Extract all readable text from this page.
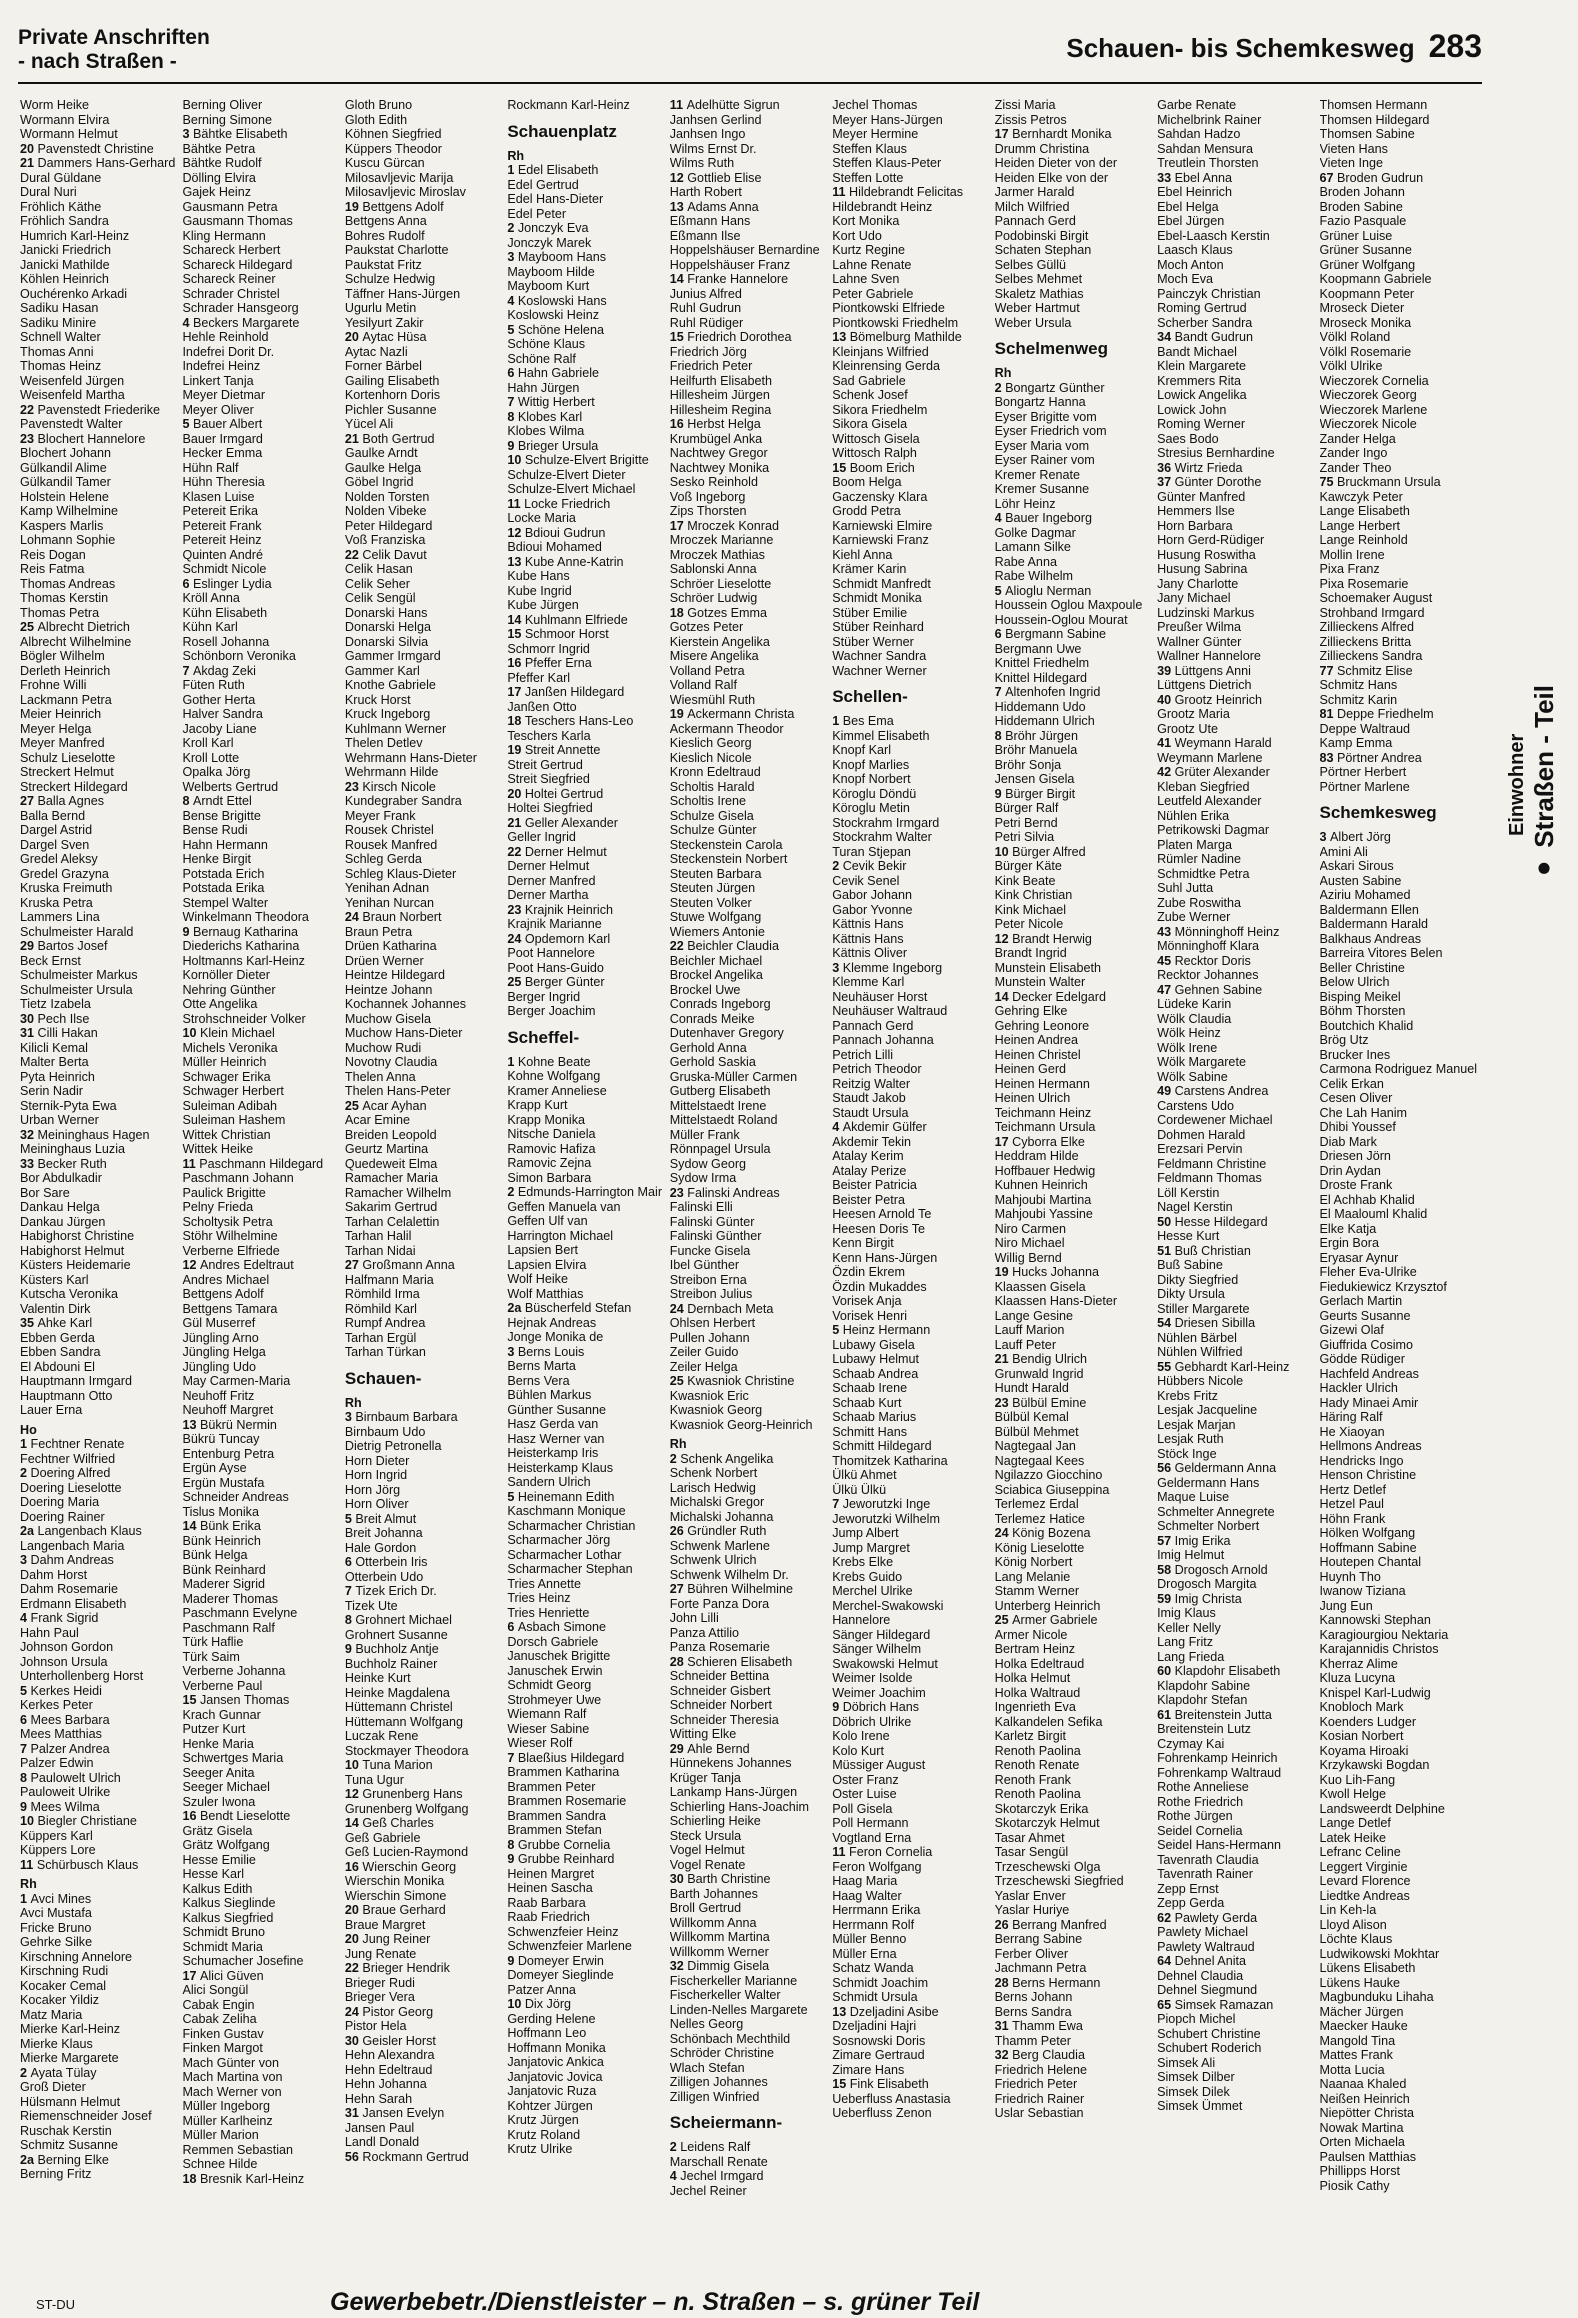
Private Anschriften
- nach Straßen -	Schauen- bis Schemkesweg 283
Worm Heike
Wormann Elvira
Wormann Helmut
20 Pavenstedt Christine
21 Dammers Hans-Gerhard
Dural Güldane
Dural Nuri
Fröhlich Käthe
Fröhlich Sandra
Humrich Karl-Heinz
Janicki Friedrich
Janicki Mathilde
Köhlen Heinrich
Ouchérenko Arkadi
Sadiku Hasan
Sadiku Minire
Schnell Walter
Thomas Anni
Thomas Heinz
Weisenfeld Jürgen
Weisenfeld Martha
22 Pavenstedt Friederike
Pavenstedt Walter
23 Blochert Hannelore
Blochert Johann
Gülkandil Alime
Gülkandil Tamer
Holstein Helene
Kamp Wilhelmine
Kaspers Marlis
Lohmann Sophie
Reis Dogan
Reis Fatma
Thomas Andreas
Thomas Kerstin
Thomas Petra
25 Albrecht Dietrich
Albrecht Wilhelmine
Bögler Wilhelm
Derleth Heinrich
Frohne Willi
Lackmann Petra
Meier Heinrich
Meyer Helga
Meyer Manfred
Schulz Lieselotte
Streckert Helmut
Streckert Hildegard
27 Balla Agnes
Balla Bernd
Dargel Astrid
Dargel Sven
Gredel Aleksy
Gredel Grazyna
Kruska Freimuth
Kruska Petra
Lammers Lina
Schulmeister Harald
29 Bartos Josef
Beck Ernst
Schulmeister Markus
Schulmeister Ursula
Tietz Izabela
30 Pech Ilse
31 Cilli Hakan
Kilicli Kemal
Malter Berta
Pyta Heinrich
Serin Nadir
Sternik-Pyta Ewa
Urban Werner
32 Meininghaus Hagen
Meininghaus Luzia
33 Becker Ruth
Bor Abdulkadir
Bor Sare
Dankau Helga
Dankau Jürgen
Habighorst Christine
Habighorst Helmut
Küsters Heidemarie
Küsters Karl
Kutscha Veronika
Valentin Dirk
35 Ahke Karl
Ebben Gerda
Ebben Sandra
El Abdouni El
Hauptmann Irmgard
Hauptmann Otto
Lauer Erna
Ho
1 Fechtner Renate
Fechtner Wilfried
2 Doering Alfred
Doering Lieselotte
Doering Maria
Doering Rainer
2a Langenbach Klaus
Langenbach Maria
3 Dahm Andreas
Dahm Horst
Dahm Rosemarie
Erdmann Elisabeth
4 Frank Sigrid
Hahn Paul
Johnson Gordon
Johnson Ursula
Unterhollenberg Horst
5 Kerkes Heidi
Kerkes Peter
6 Mees Barbara
Mees Matthias
7 Palzer Andrea
Palzer Edwin
8 Paulowelt Ulrich
Pauloweit Ulrike
9 Mees Wilma
10 Biegler Christiane
Küppers Karl
Küppers Lore
11 Schürbusch Klaus
Rh
1 Avci Mines
Avci Mustafa
Fricke Bruno
Gehrke Silke
Kirschning Annelore
Kirschning Rudi
Kocaker Cemal
Kocaker Yildiz
Matz Maria
Mierke Karl-Heinz
Mierke Klaus
Mierke Margarete
2 Ayata Tülay
Groß Dieter
Hülsmann Helmut
Riemenschneider Josef
Ruschak Kerstin
Schmitz Susanne
2a Berning Elke
Berning Fritz
Berning Oliver
Berning Simone
3 Bähtke Elisabeth
Bähtke Petra
Bähtke Rudolf
Dölling Elvira
Gajek Heinz
Gausmann Petra
Gausmann Thomas
Kling Hermann
Schareck Herbert
Schareck Hildegard
Schareck Reiner
Schrader Christel
Schrader Hansgeorg
4 Beckers Margarete
Hehle Reinhold
Indefrei Dorit Dr.
Indefrei Heinz
Linkert Tanja
Meyer Dietmar
Meyer Oliver
5 Bauer Albert
Bauer Irmgard
Hecker Emma
Hühn Ralf
Hühn Theresia
Klasen Luise
Petereit Erika
Petereit Frank
Petereit Heinz
Quinten André
Schmidt Nicole
6 Eslinger Lydia
Kröll Anna
Kühn Elisabeth
Kühn Karl
Rosell Johanna
Schönborn Veronika
7 Akdag Zeki
Füten Ruth
Gother Herta
Halver Sandra
Jacoby Liane
Kroll Karl
Kroll Lotte
Opalka Jörg
Welberts Gertrud
8 Arndt Ettel
Bense Brigitte
Bense Rudi
Hahn Hermann
Henke Birgit
Potstada Erich
Potstada Erika
Stempel Walter
Winkelmann Theodora
9 Bernaug Katharina
Diederichs Katharina
Holtmanns Karl-Heinz
Kornöller Dieter
Nehring Günther
Otte Angelika
Strohschneider Volker
10 Klein Michael
Michels Veronika
Müller Heinrich
Schwager Erika
Schwager Herbert
Suleiman Adibah
Suleiman Hashem
Wittek Christian
Wittek Heike
11 Paschmann Hildegard
Paschmann Johann
Paulick Brigitte
Pelny Frieda
Scholtysik Petra
Stöhr Wilhelmine
Verberne Elfriede
12 Andres Edeltraut
Andres Michael
Bettgens Adolf
Bettgens Tamara
Gül Muserref
Jüngling Arno
Jüngling Helga
Jüngling Udo
May Carmen-Maria
Neuhoff Fritz
Neuhoff Margret
13 Bükrü Nermin
Bükrü Tuncay
Entenburg Petra
Ergün Ayse
Ergün Mustafa
Schneider Andreas
Tislus Monika
14 Bünk Erika
Bünk Heinrich
Bünk Helga
Bünk Reinhard
Maderer Sigrid
Maderer Thomas
Paschmann Evelyne
Paschmann Ralf
Türk Haflie
Türk Saim
Verberne Johanna
Verberne Paul
15 Jansen Thomas
Krach Gunnar
Putzer Kurt
Henke Maria
Schwertges Maria
Seeger Anita
Seeger Michael
Szuler Iwona
16 Bendt Lieselotte
Grätz Gisela
Grätz Wolfgang
Hesse Emilie
Hesse Karl
Kalkus Edith
Kalkus Sieglinde
Kalkus Siegfried
Schmidt Bruno
Schmidt Maria
Schumacher Josefine
17 Alici Güven
Alici Songül
Cabak Engin
Cabak Zeliha
Finken Gustav
Finken Margot
Mach Günter von
Mach Martina von
Mach Werner von
Müller Ingeborg
Müller Karlheinz
Müller Marion
Remmen Sebastian
Schnee Hilde
18 Bresnik Karl-Heinz
Gloth Bruno
Gloth Edith
Köhnen Siegfried
Küppers Theodor
Kuscu Gürcan
Milosavljevic Marija
Milosavljevic Miroslav
19 Bettgens Adolf
Bettgens Anna
Bohres Rudolf
Paukstat Charlotte
Paukstat Fritz
Schulze Hedwig
Täffner Hans-Jürgen
Ugurlu Metin
Yesilyurt Zakir
20 Aytac Hüsa
Aytac Nazli
Forner Bärbel
Gailing Elisabeth
Kortenhorn Doris
Pichler Susanne
Yücel Ali
21 Both Gertrud
Gaulke Arndt
Gaulke Helga
Göbel Ingrid
Nolden Torsten
Nolden Vibeke
Peter Hildegard
Voß Franziska
22 Celik Davut
Celik Hasan
Celik Seher
Celik Sengül
Donarski Hans
Donarski Helga
Donarski Silvia
Gammer Irmgard
Gammer Karl
Knothe Gabriele
Kruck Horst
Kruck Ingeborg
Kuhlmann Werner
Thelen Detlev
Wehrmann Hans-Dieter
Wehrmann Hilde
23 Kirsch Nicole
Kundegraber Sandra
Meyer Frank
Rousek Christel
Rousek Manfred
Schleg Gerda
Schleg Klaus-Dieter
Yenihan Adnan
Yenihan Nurcan
24 Braun Norbert
Braun Petra
Drüen Katharina
Drüen Werner
Heintze Hildegard
Heintze Johann
Kochannek Johannes
Muchow Gisela
Muchow Hans-Dieter
Muchow Rudi
Novotny Claudia
Thelen Anna
Thelen Hans-Peter
25 Acar Ayhan
Acar Emine
Breiden Leopold
Geurtz Martina
Quedeweit Elma
Ramacher Maria
Ramacher Wilhelm
Sakarim Gertrud
Tarhan Celalettin
Tarhan Halil
Tarhan Nidai
27 Großmann Anna
Halfmann Maria
Römhild Irma
Römhild Karl
Rumpf Andrea
Tarhan Ergül
Tarhan Türkan
Schauen-
Rh
3 Birnbaum Barbara
Birnbaum Udo
Dietrig Petronella
Horn Dieter
Horn Ingrid
Horn Jörg
Horn Oliver
5 Breit Almut
Breit Johanna
Hale Gordon
6 Otterbein Iris
Otterbein Udo
7 Tizek Erich Dr.
Tizek Ute
8 Grohnert Michael
Grohnert Susanne
9 Buchholz Antje
Buchholz Rainer
Heinke Kurt
Heinke Magdalena
Hüttemann Christel
Hüttemann Wolfgang
Luczak Rene
Stockmayer Theodora
10 Tuna Marion
Tuna Ugur
12 Grunenberg Hans
Grunenberg Wolfgang
14 Geß Charles
Geß Gabriele
Geß Lucien-Raymond
16 Wierschin Georg
Wierschin Monika
Wierschin Simone
20 Braue Gerhard
Braue Margret
20 Jung Reiner
Jung Renate
22 Brieger Hendrik
Brieger Rudi
Brieger Vera
24 Pistor Georg
Pistor Hela
30 Geisler Horst
Hehn Alexandra
Hehn Edeltraud
Hehn Johanna
Hehn Sarah
31 Jansen Evelyn
Jansen Paul
Landl Donald
56 Rockmann Gertrud
Rockmann Karl-Heinz
Schauenplatz
Rh
1 Edel Elisabeth
Edel Gertrud
Edel Hans-Dieter
Edel Peter
2 Jonczyk Eva
Jonczyk Marek
3 Mayboom Hans
Mayboom Hilde
Mayboom Kurt
4 Koslowski Hans
Koslowski Heinz
5 Schöne Helena
Schöne Klaus
Schöne Ralf
6 Hahn Gabriele
Hahn Jürgen
7 Wittig Herbert
8 Klobes Karl
Klobes Wilma
9 Brieger Ursula
10 Schulze-Elvert Brigitte
Schulze-Elvert Dieter
Schulze-Elvert Michael
11 Locke Friedrich
Locke Maria
12 Bdioui Gudrun
Bdioui Mohamed
13 Kube Anne-Katrin
Kube Hans
Kube Ingrid
Kube Jürgen
14 Kuhlmann Elfriede
15 Schmoor Horst
Schmorr Ingrid
16 Pfeffer Erna
Pfeffer Karl
17 Janßen Hildegard
Janßen Otto
18 Teschers Hans-Leo
Teschers Karla
19 Streit Annette
Streit Gertrud
Streit Siegfried
20 Holtei Gertrud
Holtei Siegfried
21 Geller Alexander
Geller Ingrid
22 Derner Helmut
Derner Helmut
Derner Manfred
Derner Martha
23 Krajnik Heinrich
Krajnik Marianne
24 Opdemorn Karl
Poot Hannelore
Poot Hans-Guido
25 Berger Günter
Berger Ingrid
Berger Joachim
Scheffel-
1 Kohne Beate
Kohne Wolfgang
Kramer Anneliese
Krapp Kurt
Krapp Monika
Nitsche Daniela
Ramovic Hafiza
Ramovic Zejna
Simon Barbara
2 Edmunds-Harrington Mair
Geffen Manuela van
Geffen Ulf van
Harrington Michael
Lapsien Bert
Lapsien Elvira
Wolf Heike
Wolf Matthias
2a Büscherfeld Stefan
Hejnak Andreas
Jonge Monika de
3 Berns Louis
Berns Marta
Berns Vera
Bühlen Markus
Günther Susanne
Hasz Gerda van
Hasz Werner van
Heisterkamp Iris
Heisterkamp Klaus
Sandern Ulrich
5 Heinemann Edith
Kaschmann Monique
Scharmacher Christian
Scharmacher Jörg
Scharmacher Lothar
Scharmacher Stephan
Tries Annette
Tries Heinz
Tries Henriette
6 Asbach Simone
Dorsch Gabriele
Januschek Brigitte
Januschek Erwin
Schmidt Georg
Strohmeyer Uwe
Wiemann Ralf
Wieser Sabine
Wieser Rolf
7 Blaeßius Hildegard
Brammen Katharina
Brammen Peter
Brammen Rosemarie
Brammen Sandra
Brammen Stefan
8 Grubbe Cornelia
9 Grubbe Reinhard
Heinen Margret
Heinen Sascha
Raab Barbara
Raab Friedrich
Schwenzfeier Heinz
Schwenzfeier Marlene
9 Domeyer Erwin
Domeyer Sieglinde
Patzer Anna
10 Dix Jörg
Gerding Helene
Hoffmann Leo
Hoffmann Monika
Janjatovic Ankica
Janjatovic Jovica
Janjatovic Ruza
Kohtzer Jürgen
Krutz Jürgen
Krutz Roland
Krutz Ulrike
11 Adelhütte Sigrun
Janhsen Gerlind
Janhsen Ingo
Wilms Ernst Dr.
Wilms Ruth
12 Gottlieb Elise
Harth Robert
13 Adams Anna
Eßmann Hans
Eßmann Ilse
Hoppelshäuser Bernardine
Hoppelshäuser Franz
14 Franke Hannelore
Junius Alfred
Ruhl Gudrun
Ruhl Rüdiger
15 Friedrich Dorothea
Friedrich Jörg
Friedrich Peter
Heilfurth Elisabeth
Hillesheim Jürgen
Hillesheim Regina
16 Herbst Helga
Krumbügel Anka
Nachtwey Gregor
Nachtwey Monika
Sesko Reinhold
Voß Ingeborg
Zips Thorsten
17 Mroczek Konrad
Mroczek Marianne
Mroczek Mathias
Sablonski Anna
Schröer Lieselotte
Schröer Ludwig
18 Gotzes Emma
Gotzes Peter
Kierstein Angelika
Misere Angelika
Volland Petra
Volland Ralf
Wiesmühl Ruth
19 Ackermann Christa
Ackermann Theodor
Kieslich Georg
Kieslich Nicole
Kronn Edeltraud
Scholtis Harald
Scholtis Irene
Schulze Gisela
Schulze Günter
Steckenstein Carola
Steckenstein Norbert
Steuten Barbara
Steuten Jürgen
Steuten Volker
Stuwe Wolfgang
Wiemers Antonie
22 Beichler Claudia
Beichler Michael
Brockel Angelika
Brockel Uwe
Conrads Ingeborg
Conrads Meike
Dutenhaver Gregory
Gerhold Anna
Gerhold Saskia
Gruska-Müller Carmen
Gutberg Elisabeth
Mittelstaedt Irene
Mittelstaedt Roland
Müller Frank
Rönnpagel Ursula
Sydow Georg
Sydow Irma
23 Falinski Andreas
Falinski Elli
Falinski Günter
Falinski Günther
Funcke Gisela
Ibel Günther
Streibon Erna
Streibon Julius
24 Dernbach Meta
Ohlsen Herbert
Pullen Johann
Zeiler Guido
Zeiler Helga
25 Kwasniok Christine
Kwasniok Eric
Kwasniok Georg
Kwasniok Georg-Heinrich
Rh
2 Schenk Angelika
Schenk Norbert
Larisch Hedwig
Michalski Gregor
Michalski Johanna
26 Gründler Ruth
Schwenk Marlene
Schwenk Ulrich
Schwenk Wilhelm Dr.
27 Bühren Wilhelmine
Forte Panza Dora
John Lilli
Panza Attilio
Panza Rosemarie
28 Schieren Elisabeth
Schneider Bettina
Schneider Gisbert
Schneider Norbert
Schneider Theresia
Witting Elke
29 Ahle Bernd
Hünnekens Johannes
Krüger Tanja
Lankamp Hans-Jürgen
Schierling Hans-Joachim
Schierling Heike
Steck Ursula
Vogel Helmut
Vogel Renate
30 Barth Christine
Barth Johannes
Broll Gertrud
Willkomm Anna
Willkomm Martina
Willkomm Werner
32 Dimmig Gisela
Fischerkeller Marianne
Fischerkeller Walter
Linden-Nelles Margarete
Nelles Georg
Schönbach Mechthild
Schröder Christine
Wlach Stefan
Zilligen Johannes
Zilligen Winfried
Scheiermann-
2 Leidens Ralf
Marschall Renate
4 Jechel Irmgard
Jechel Reiner
Jechel Thomas
Meyer Hans-Jürgen
Meyer Hermine
Steffen Klaus
Steffen Klaus-Peter
Steffen Lotte
11 Hildebrandt Felicitas
Hildebrandt Heinz
Kort Monika
Kort Udo
Kurtz Regine
Lahne Renate
Lahne Sven
Peter Gabriele
Piontkowski Elfriede
Piontkowski Friedhelm
13 Bömelburg Mathilde
Kleinjans Wilfried
Kleinrensing Gerda
Sad Gabriele
Schenk Josef
Sikora Friedhelm
Sikora Gisela
Wittosch Gisela
Wittosch Ralph
15 Boom Erich
Boom Helga
Gaczensky Klara
Grodd Petra
Karniewski Elmire
Karniewski Franz
Kiehl Anna
Krämer Karin
Schmidt Manfredt
Schmidt Monika
Stüber Emilie
Stüber Reinhard
Stüber Werner
Wachner Sandra
Wachner Werner
Schellen-
1 Bes Ema
Kimmel Elisabeth
Knopf Karl
Knopf Marlies
Knopf Norbert
Köroglu Döndü
Köroglu Metin
Stockrahm Irmgard
Stockrahm Walter
Turan Stjepan
2 Cevik Bekir
Cevik Senel
Gabor Johann
Gabor Yvonne
Kättnis Hans
Kättnis Hans
Kättnis Oliver
3 Klemme Ingeborg
Klemme Karl
Neuhäuser Horst
Neuhäuser Waltraud
Pannach Gerd
Pannach Johanna
Petrich Lilli
Petrich Theodor
Reitzig Walter
Staudt Jakob
Staudt Ursula
4 Akdemir Gülfer
Akdemir Tekin
Atalay Kerim
Atalay Perize
Beister Patricia
Beister Petra
Heesen Arnold Te
Heesen Doris Te
Kenn Birgit
Kenn Hans-Jürgen
Özdin Ekrem
Özdin Mukaddes
Vorisek Anja
Vorisek Henri
5 Heinz Hermann
Lubawy Gisela
Lubawy Helmut
Schaab Andrea
Schaab Irene
Schaab Kurt
Schaab Marius
Schmitt Hans
Schmitt Hildegard
Thomitzek Katharina
Ülkü Ahmet
Ülkü Ülkü
7 Jeworutzki Inge
Jeworutzki Wilhelm
Jump Albert
Jump Margret
Krebs Elke
Krebs Guido
Merchel Ulrike
Merchel-Swakowski
Hannelore
Sänger Hildegard
Sänger Wilhelm
Swakowski Helmut
Weimer Isolde
Weimer Joachim
9 Döbrich Hans
Döbrich Ulrike
Kolo Irene
Kolo Kurt
Müssiger August
Oster Franz
Oster Luise
Poll Gisela
Poll Hermann
Vogtland Erna
11 Feron Cornelia
Feron Wolfgang
Haag Maria
Haag Walter
Herrmann Erika
Herrmann Rolf
Müller Benno
Müller Erna
Schatz Wanda
Schmidt Joachim
Schmidt Ursula
13 Dzeljadini Asibe
Dzeljadini Hajri
Sosnowski Doris
Zimare Gertraud
Zimare Hans
15 Fink Elisabeth
Ueberfluss Anastasia
Ueberfluss Zenon
Zissi Maria
Zissis Petros
17 Bernhardt Monika
Drumm Christina
Heiden Dieter von der
Heiden Elke von der
Jarmer Harald
Milch Wilfried
Pannach Gerd
Podobinski Birgit
Schaten Stephan
Selbes Güllü
Selbes Mehmet
Skaletz Mathias
Weber Hartmut
Weber Ursula
Schelmenweg
Rh
2 Bongartz Günther
Bongartz Hanna
Eyser Brigitte vom
Eyser Friedrich vom
Eyser Maria vom
Eyser Rainer vom
Kremer Renate
Kremer Susanne
Löhr Heinz
4 Bauer Ingeborg
Golke Dagmar
Lamann Silke
Rabe Anna
Rabe Wilhelm
5 Alioglu Nerman
Houssein Oglou Maxpoule
Houssein-Oglou Mourat
6 Bergmann Sabine
Bergmann Uwe
Knittel Friedhelm
Knittel Hildegard
7 Altenhofen Ingrid
Hiddemann Udo
Hiddemann Ulrich
8 Bröhr Jürgen
Bröhr Manuela
Bröhr Sonja
Jensen Gisela
9 Bürger Birgit
Bürger Ralf
Petri Bernd
Petri Silvia
10 Bürger Alfred
Bürger Käte
Kink Beate
Kink Christian
Kink Michael
Peter Nicole
12 Brandt Herwig
Brandt Ingrid
Munstein Elisabeth
Munstein Walter
14 Decker Edelgard
Gehring Elke
Gehring Leonore
Heinen Andrea
Heinen Christel
Heinen Gerd
Heinen Hermann
Heinen Ulrich
Teichmann Heinz
Teichmann Ursula
17 Cyborra Elke
Heddram Hilde
Hoffbauer Hedwig
Kuhnen Heinrich
Mahjoubi Martina
Mahjoubi Yassine
Niro Carmen
Niro Michael
Willig Bernd
19 Hucks Johanna
Klaassen Gisela
Klaassen Hans-Dieter
Lange Gesine
Lauff Marion
Lauff Peter
21 Bendig Ulrich
Grunwald Ingrid
Hundt Harald
23 Bülbül Emine
Bülbül Kemal
Bülbül Mehmet
Nagtegaal Jan
Nagtegaal Kees
Ngilazzo Giocchino
Sciabica Giuseppina
Terlemez Erdal
Terlemez Hatice
24 König Bozena
König Lieselotte
König Norbert
Lang Melanie
Stamm Werner
Unterberg Heinrich
25 Armer Gabriele
Armer Nicole
Bertram Heinz
Holka Edeltraud
Holka Helmut
Holka Waltraud
Ingenrieth Eva
Kalkandelen Sefika
Karletz Birgit
Renoth Paolina
Renoth Renate
Renoth Frank
Renoth Paolina
Skotarczyk Erika
Skotarczyk Helmut
Tasar Ahmet
Tasar Sengül
Trzeschewski Olga
Trzeschewski Siegfried
Yaslar Enver
Yaslar Huriye
26 Berrang Manfred
Berrang Sabine
Ferber Oliver
Jachmann Petra
28 Berns Hermann
Berns Johann
Berns Sandra
31 Thamm Ewa
Thamm Peter
32 Berg Claudia
Friedrich Helene
Friedrich Peter
Friedrich Rainer
Uslar Sebastian
Garbe Renate
Michelbrink Rainer
Sahdan Hadzo
Sahdan Mensura
Treutlein Thorsten
33 Ebel Anna
Ebel Heinrich
Ebel Helga
Ebel Jürgen
Ebel-Laasch Kerstin
Laasch Klaus
Moch Anton
Moch Eva
Painczyk Christian
Roming Gertrud
Scherber Sandra
34 Bandt Gudrun
Bandt Michael
Klein Margarete
Kremmers Rita
Lowick Angelika
Lowick John
Roming Werner
Saes Bodo
Stresius Bernhardine
36 Wirtz Frieda
37 Günter Dorothe
Günter Manfred
Hemmers Ilse
Horn Barbara
Horn Gerd-Rüdiger
Husung Roswitha
Husung Sabrina
Jany Charlotte
Jany Michael
Ludzinski Markus
Preußer Wilma
Wallner Günter
Wallner Hannelore
39 Lüttgens Anni
Lüttgens Dietrich
40 Grootz Heinrich
Grootz Maria
Grootz Ute
41 Weymann Harald
Weymann Marlene
42 Grüter Alexander
Kleban Siegfried
Leutfeld Alexander
Nühlen Erika
Petrikowski Dagmar
Platen Marga
Rümler Nadine
Schmidtke Petra
Suhl Jutta
Zube Roswitha
Zube Werner
43 Mönninghoff Heinz
Mönninghoff Klara
45 Recktor Doris
Recktor Johannes
47 Gehnen Sabine
Lüdeke Karin
Wölk Claudia
Wölk Heinz
Wölk Irene
Wölk Margarete
Wölk Sabine
49 Carstens Andrea
Carstens Udo
Cordewener Michael
Dohmen Harald
Erezsari Pervin
Feldmann Christine
Feldmann Thomas
Löll Kerstin
Nagel Kerstin
50 Hesse Hildegard
Hesse Kurt
51 Buß Christian
Buß Sabine
Dikty Siegfried
Dikty Ursula
Stiller Margarete
54 Driesen Sibilla
Nühlen Bärbel
Nühlen Wilfried
55 Gebhardt Karl-Heinz
Hübbers Nicole
Krebs Fritz
Lesjak Jacqueline
Lesjak Marjan
Lesjak Ruth
Stöck Inge
56 Geldermann Anna
Geldermann Hans
Maque Luise
Schmelter Annegrete
Schmelter Norbert
57 Imig Erika
Imig Helmut
58 Drogosch Arnold
Drogosch Margita
59 Imig Christa
Imig Klaus
Keller Nelly
Lang Fritz
Lang Frieda
60 Klapdohr Elisabeth
Klapdohr Sabine
Klapdohr Stefan
61 Breitenstein Jutta
Breitenstein Lutz
Czymay Kai
Fohrenkamp Heinrich
Fohrenkamp Waltraud
Rothe Anneliese
Rothe Friedrich
Rothe Jürgen
Seidel Cornelia
Seidel Hans-Hermann
Tavenrath Claudia
Tavenrath Rainer
Zepp Ernst
Zepp Gerda
62 Pawlety Gerda
Pawlety Michael
Pawlety Waltraud
64 Dehnel Anita
Dehnel Claudia
Dehnel Siegmund
65 Simsek Ramazan
Piopch Michel
Schubert Christine
Schubert Roderich
Simsek Ali
Simsek Dilber
Simsek Dilek
Simsek Ümmet
Thomsen Hermann
Thomsen Hildegard
Thomsen Sabine
Vieten Hans
Vieten Inge
67 Broden Gudrun
Broden Johann
Broden Sabine
Fazio Pasquale
Grüner Luise
Grüner Susanne
Grüner Wolfgang
Koopmann Gabriele
Koopmann Peter
Mroseck Dieter
Mroseck Monika
Völkl Roland
Völkl Rosemarie
Völkl Ulrike
Wieczorek Cornelia
Wieczorek Georg
Wieczorek Marlene
Wieczorek Nicole
Zander Helga
Zander Ingo
Zander Theo
75 Bruckmann Ursula
Kawczyk Peter
Lange Elisabeth
Lange Herbert
Lange Reinhold
Mollin Irene
Pixa Franz
Pixa Rosemarie
Schoemaker August
Strohband Irmgard
Zillieckens Alfred
Zillieckens Britta
Zillieckens Sandra
77 Schmitz Elise
Schmitz Hans
Schmitz Karin
81 Deppe Friedhelm
Deppe Waltraud
Kamp Emma
83 Pörtner Andrea
Pörtner Herbert
Pörtner Marlene
Schemkesweg
3 Albert Jörg
Amini Ali
Askari Sirous
Austen Sabine
Aziriu Mohamed
Baldermann Ellen
Baldermann Harald
Balkhaus Andreas
Barreira Vitores Belen
Beller Christine
Below Ulrich
Bisping Meikel
Böhm Thorsten
Boutchich Khalid
Brög Utz
Brucker Ines
Carmona Rodriguez Manuel
Celik Erkan
Cesen Oliver
Che Lah Hanim
Dhibi Youssef
Diab Mark
Driesen Jörn
Drin Aydan
Droste Frank
El Achhab Khalid
El Maalouml Khalid
Elke Katja
Ergin Bora
Eryasar Aynur
Fleher Eva-Ulrike
Fiedukiewicz Krzysztof
Gerlach Martin
Geurts Susanne
Gizewi Olaf
Giuffrida Cosimo
Gödde Rüdiger
Hachfeld Andreas
Hackler Ulrich
Hady Minaei Amir
Häring Ralf
He Xiaoyan
Hellmons Andreas
Hendricks Ingo
Henson Christine
Hertz Detlef
Hetzel Paul
Höhn Frank
Hölken Wolfgang
Hoffmann Sabine
Houtepen Chantal
Huynh Tho
Iwanow Tiziana
Jung Eun
Kannowski Stephan
Karagiourgiou Nektaria
Karajannidis Christos
Kherraz Alime
Kluza Lucyna
Knispel Karl-Ludwig
Knobloch Mark
Koenders Ludger
Kosian Norbert
Koyama Hiroaki
Krzykawski Bogdan
Kuo Lih-Fang
Kwoll Helge
Landsweerdt Delphine
Lange Detlef
Latek Heike
Lefranc Celine
Leggert Virginie
Levard Florence
Liedtke Andreas
Lin Keh-la
Lloyd Alison
Löchte Klaus
Ludwikowski Mokhtar
Lükens Elisabeth
Lükens Hauke
Magbunduku Lihaha
Mächer Jürgen
Maecker Hauke
Mangold Tina
Mattes Frank
Motta Lucia
Naanaa Khaled
Neißen Heinrich
Niepötter Christa
Nowak Martina
Orten Michaela
Paulsen Matthias
Phillipps Horst
Piosik Cathy
Einwohner ● Straßen - Teil
ST-DU	Gewerbebetr./Dienstleister – n. Straßen – s. grüner Teil
